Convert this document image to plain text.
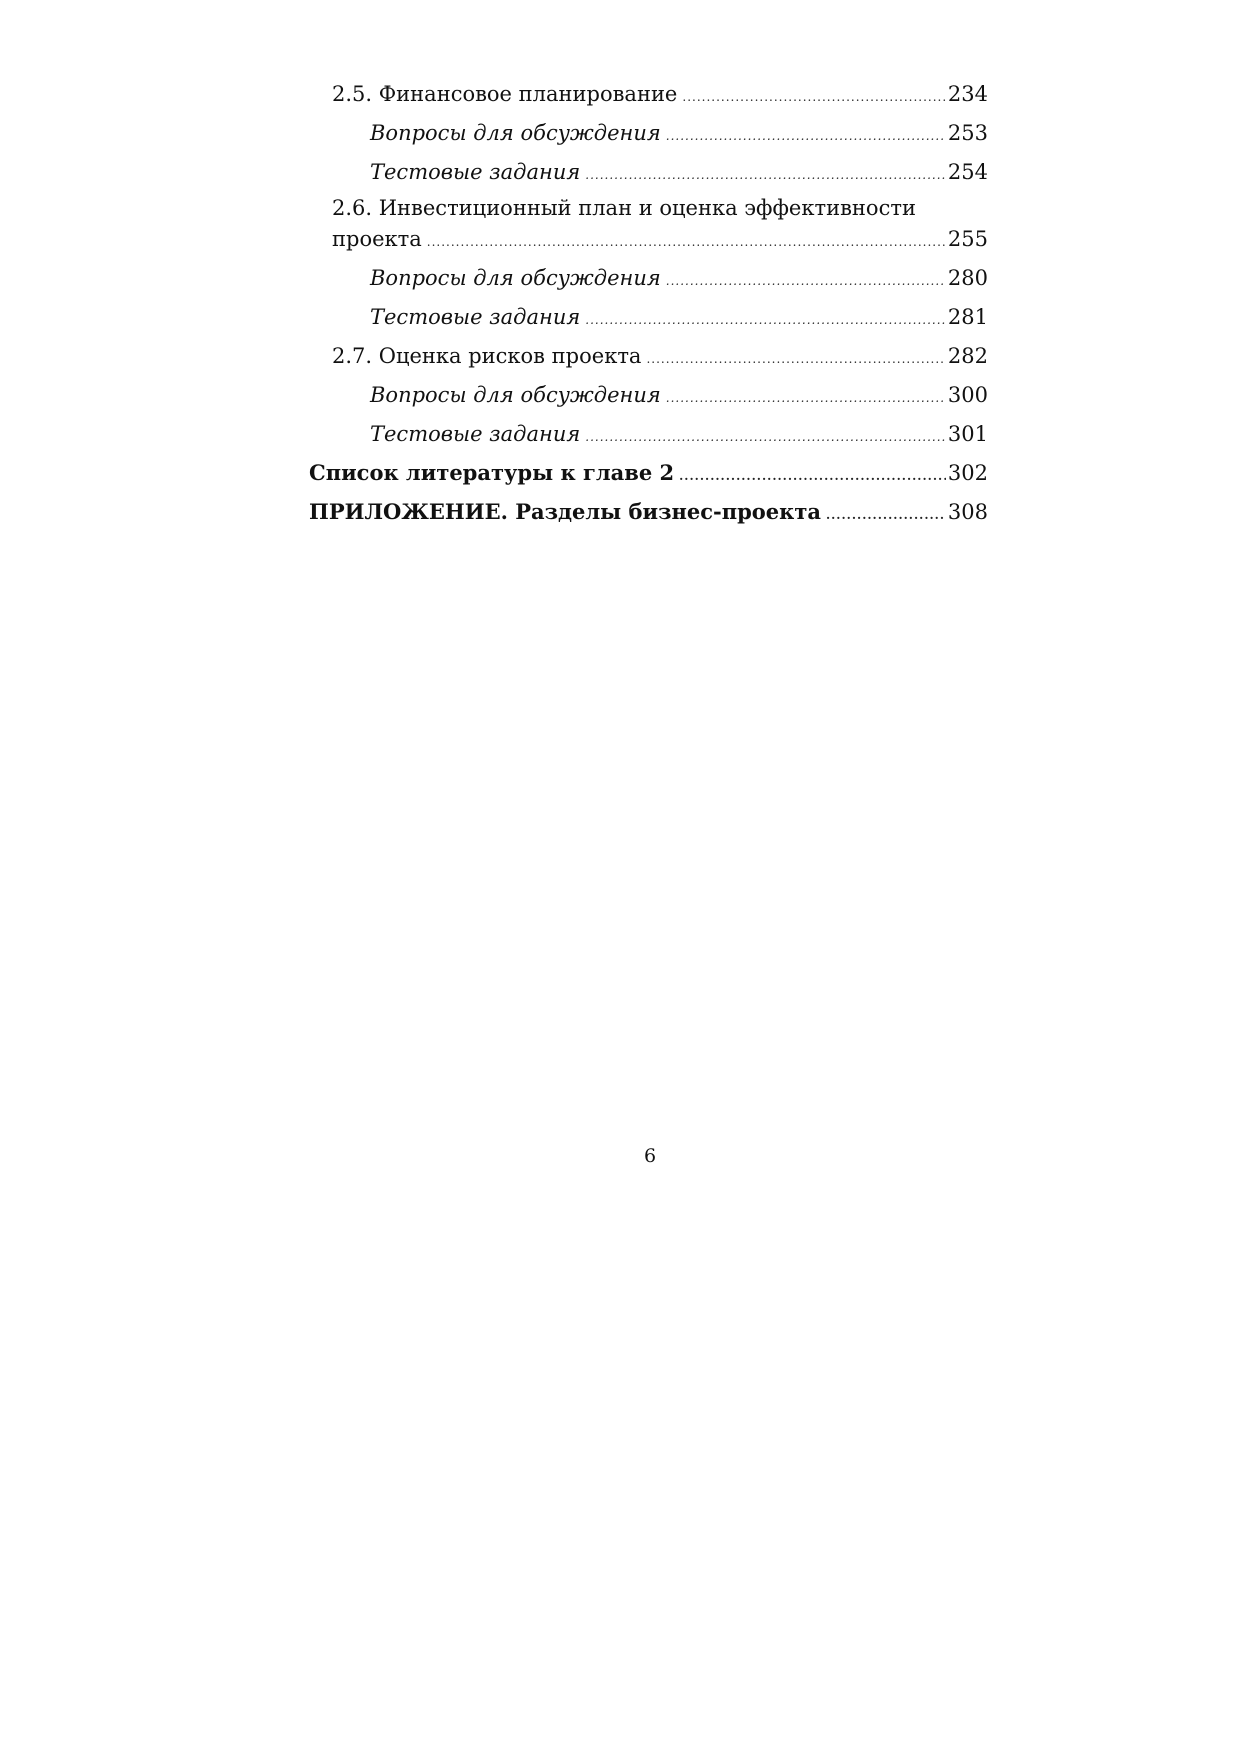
2.5. Финансовое планирование .....	234
Вопросы для обсуждения .....	253
Тестовые задания .....	254
2.6. Инвестиционный план и оценка эффективности
проекта .....	255
Вопросы для обсуждения .....	280
Тестовые задания .....	281
2.7. Оценка рисков проекта .....	282
Вопросы для обсуждения .....	300
Тестовые задания .....	301
Список литературы к главе 2 .....	302
ПРИЛОЖЕНИЕ. Разделы бизнес-проекта .....	308
6
